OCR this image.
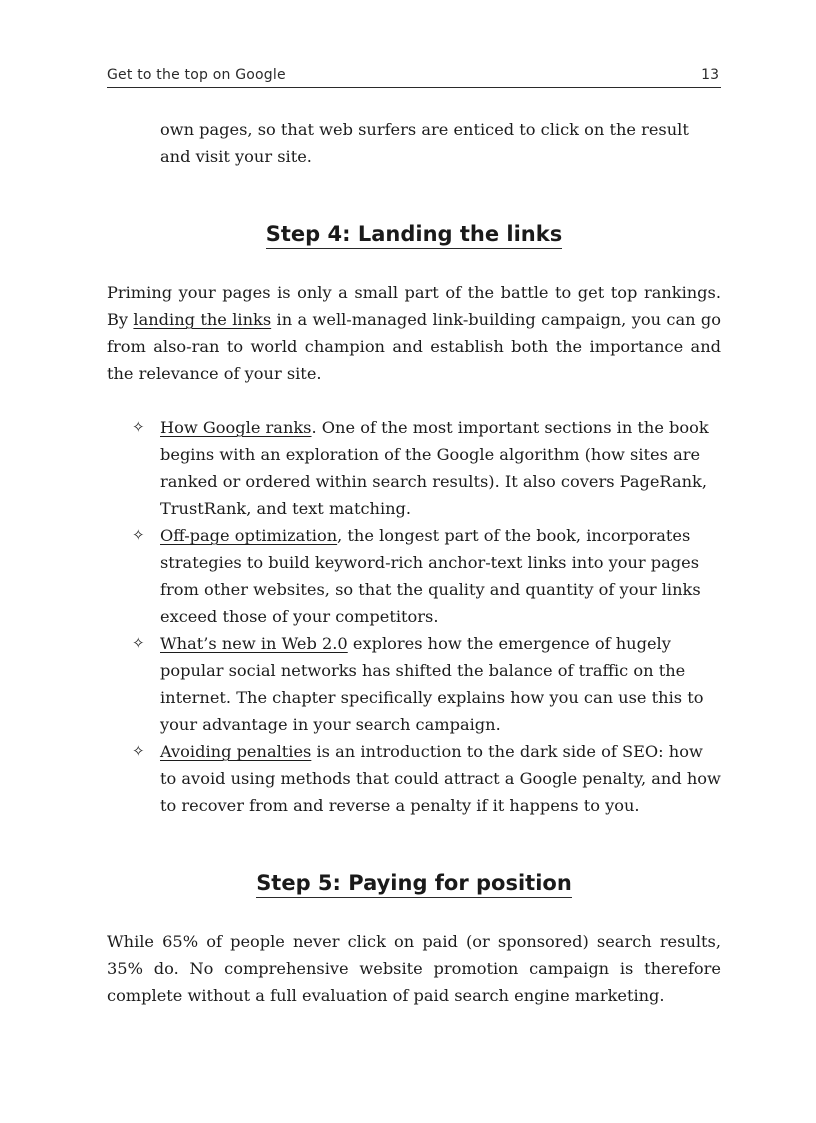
Get to the top on Google	13

own pages, so that web surfers are enticed to click on the result and visit your site.

Step 4: Landing the links

Priming your pages is only a small part of the battle to get top rankings. By landing the links in a well-managed link-building campaign, you can go from also-ran to world champion and establish both the importance and the relevance of your site.

✧ How Google ranks. One of the most important sections in the book begins with an exploration of the Google algorithm (how sites are ranked or ordered within search results). It also covers PageRank, TrustRank, and text matching.
✧ Off-page optimization, the longest part of the book, incorporates strategies to build keyword-rich anchor-text links into your pages from other websites, so that the quality and quantity of your links exceed those of your competitors.
✧ What’s new in Web 2.0 explores how the emergence of hugely popular social networks has shifted the balance of traffic on the internet. The chapter specifically explains how you can use this to your advantage in your search campaign.
✧ Avoiding penalties is an introduction to the dark side of SEO: how to avoid using methods that could attract a Google penalty, and how to recover from and reverse a penalty if it happens to you.
Step 5: Paying for position

While 65% of people never click on paid (or sponsored) search results, 35% do. No comprehensive website promotion campaign is therefore complete without a full evaluation of paid search engine marketing.
